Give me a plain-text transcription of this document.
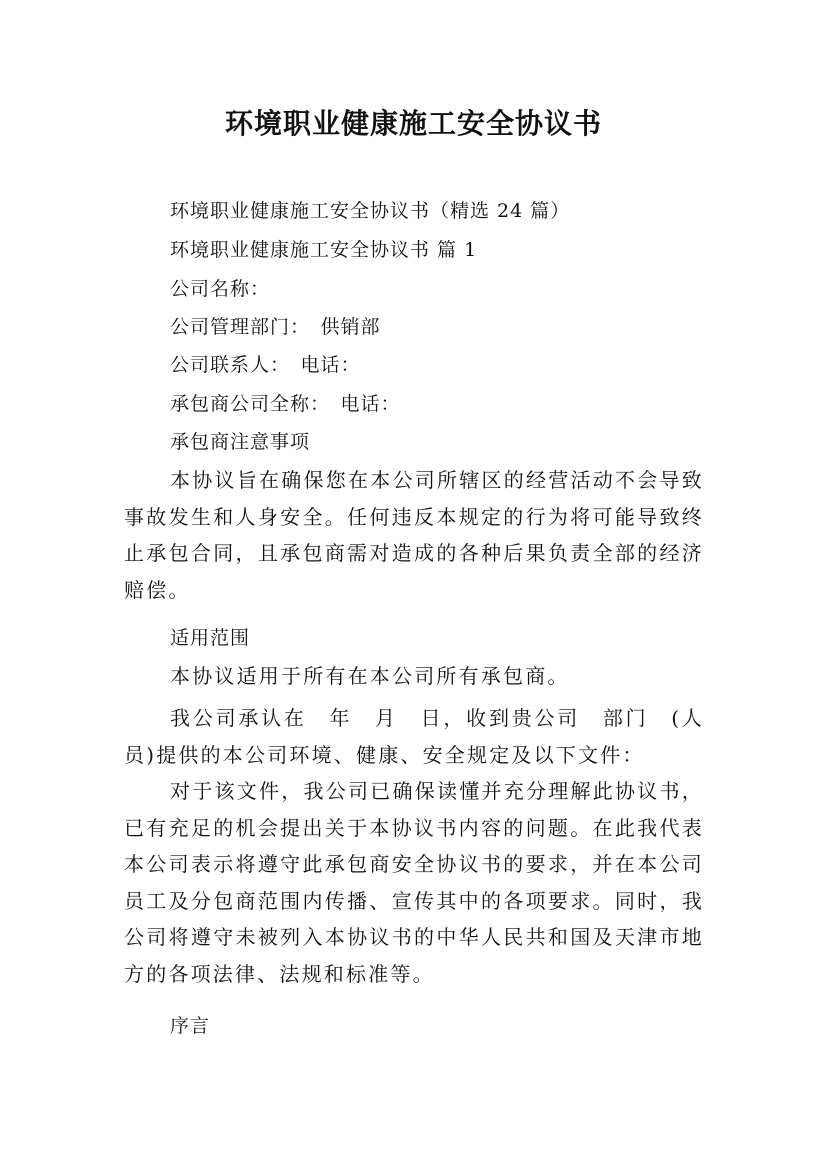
环境职业健康施工安全协议书
环境职业健康施工安全协议书（精选 24 篇）
环境职业健康施工安全协议书 篇 1
公司名称：
公司管理部门：　供销部
公司联系人：　电话：
承包商公司全称：　电话：
承包商注意事项

本协议旨在确保您在本公司所辖区的经营活动不会导致事故发生和人身安全。任何违反本规定的行为将可能导致终止承包合同，且承包商需对造成的各种后果负责全部的经济赔偿。

适用范围

本协议适用于所有在本公司所有承包商。

我公司承认在　年　月　日，收到贵公司　部门　(人员)提供的本公司环境、健康、安全规定及以下文件：

对于该文件，我公司已确保读懂并充分理解此协议书，已有充足的机会提出关于本协议书内容的问题。在此我代表本公司表示将遵守此承包商安全协议书的要求，并在本公司员工及分包商范围内传播、宣传其中的各项要求。同时，我公司将遵守未被列入本协议书的中华人民共和国及天津市地方的各项法律、法规和标准等。

序言
